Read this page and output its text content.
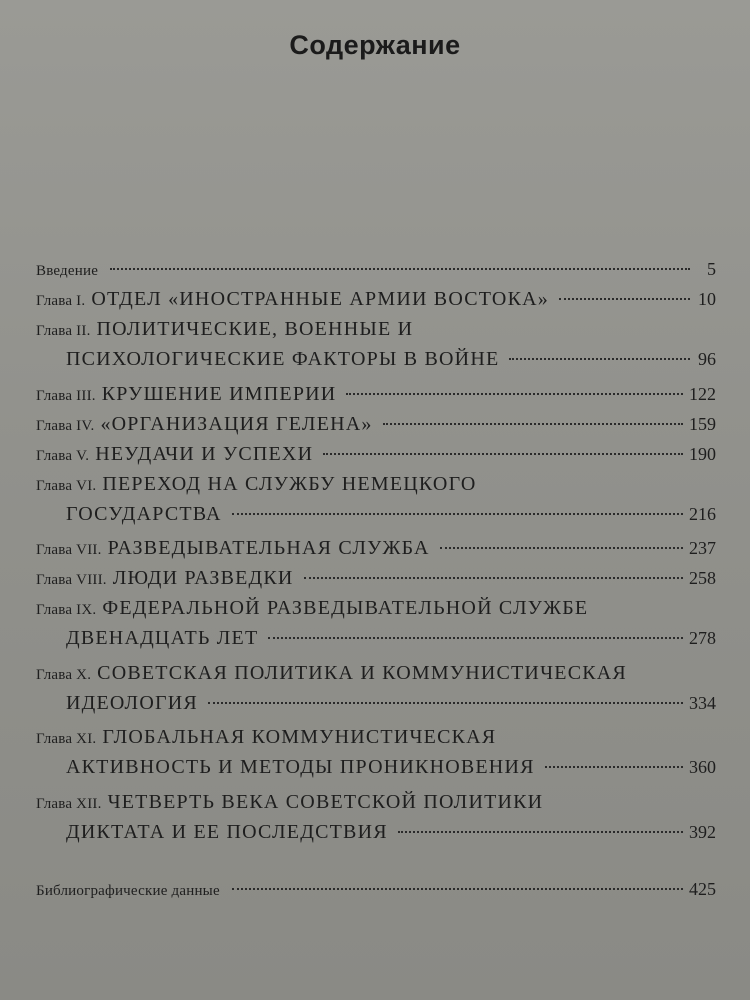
Содержание
Введение	5
Глава I. ОТДЕЛ «ИНОСТРАННЫЕ АРМИИ ВОСТОКА»	10
Глава II. ПОЛИТИЧЕСКИЕ, ВОЕННЫЕ И
ПСИХОЛОГИЧЕСКИЕ ФАКТОРЫ В ВОЙНЕ	96
Глава III. КРУШЕНИЕ ИМПЕРИИ	122
Глава IV. «ОРГАНИЗАЦИЯ ГЕЛЕНА»	159
Глава V. НЕУДАЧИ И УСПЕХИ	190
Глава VI. ПЕРЕХОД НА СЛУЖБУ НЕМЕЦКОГО
ГОСУДАРСТВА	216
Глава VII. РАЗВЕДЫВАТЕЛЬНАЯ СЛУЖБА	237
Глава VIII. ЛЮДИ РАЗВЕДКИ	258
Глава IX. ФЕДЕРАЛЬНОЙ РАЗВЕДЫВАТЕЛЬНОЙ СЛУЖБЕ
ДВЕНАДЦАТЬ ЛЕТ	278
Глава X. СОВЕТСКАЯ ПОЛИТИКА И КОММУНИСТИЧЕСКАЯ
ИДЕОЛОГИЯ	334
Глава XI. ГЛОБАЛЬНАЯ КОММУНИСТИЧЕСКАЯ
АКТИВНОСТЬ И МЕТОДЫ ПРОНИКНОВЕНИЯ	360
Глава XII. ЧЕТВЕРТЬ ВЕКА СОВЕТСКОЙ ПОЛИТИКИ
ДИКТАТА И ЕЕ ПОСЛЕДСТВИЯ	392
Библиографические данные	425
